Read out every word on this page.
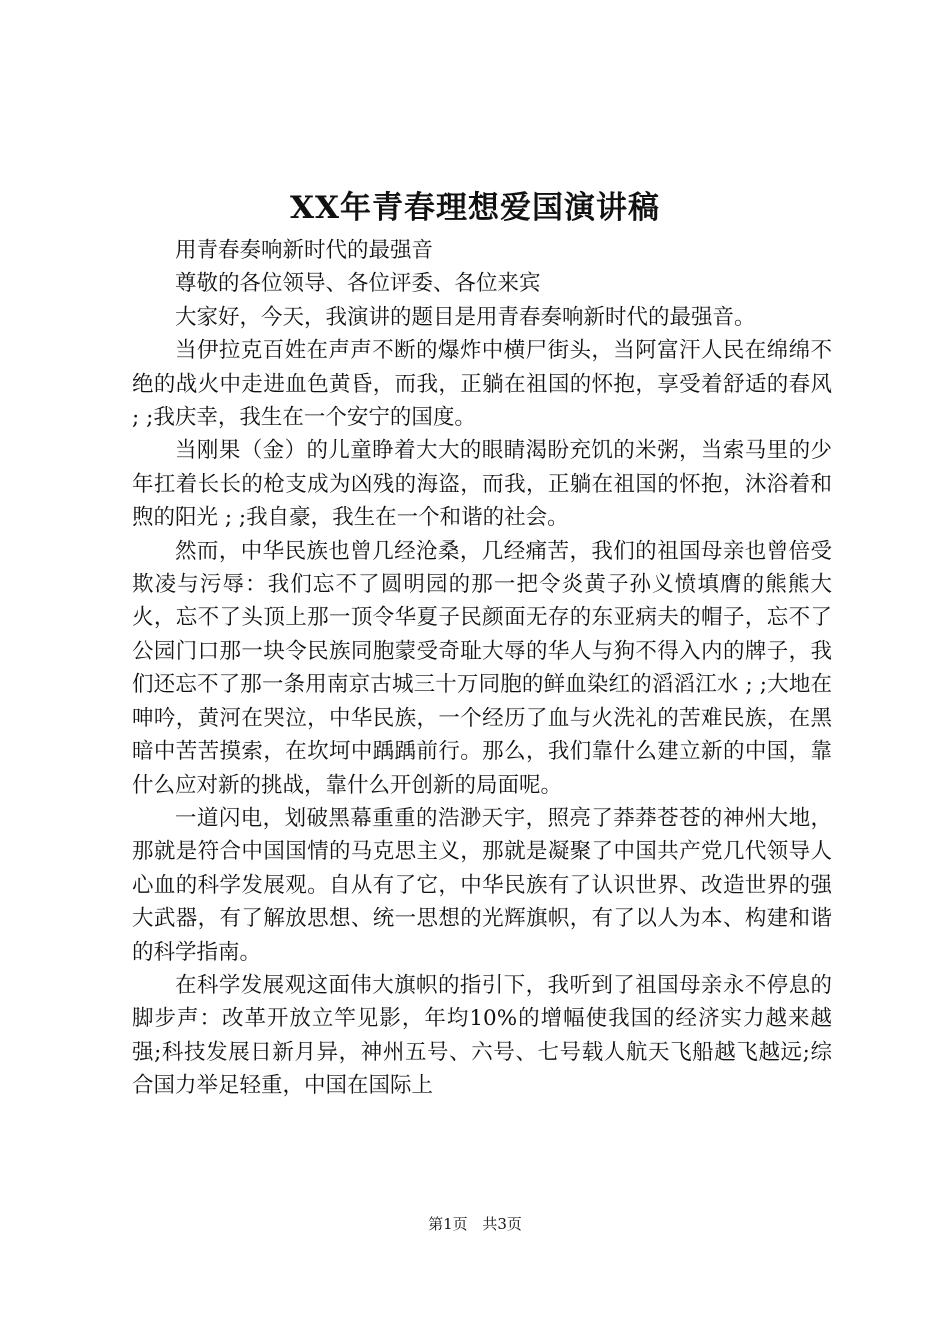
XX年青春理想爱国演讲稿

用青春奏响新时代的最强音

尊敬的各位领导、各位评委、各位来宾

大家好，今天，我演讲的题目是用青春奏响新时代的最强音。

当伊拉克百姓在声声不断的爆炸中横尸街头，当阿富汗人民在绵绵不绝的战火中走进血色黄昏，而我，正躺在祖国的怀抱，享受着舒适的春风 ; ;我庆幸，我生在一个安宁的国度。

当刚果（金）的儿童睁着大大的眼睛渴盼充饥的米粥，当索马里的少年扛着长长的枪支成为凶残的海盗，而我，正躺在祖国的怀抱，沐浴着和煦的阳光 ; ;我自豪，我生在一个和谐的社会。

然而，中华民族也曾几经沧桑，几经痛苦，我们的祖国母亲也曾倍受欺凌与污辱：我们忘不了圆明园的那一把令炎黄子孙义愤填膺的熊熊大火，忘不了头顶上那一顶令华夏子民颜面无存的东亚病夫的帽子，忘不了公园门口那一块令民族同胞蒙受奇耻大辱的华人与狗不得入内的牌子，我们还忘不了那一条用南京古城三十万同胞的鲜血染红的滔滔江水 ; ;大地在呻吟，黄河在哭泣，中华民族，一个经历了血与火洗礼的苦难民族，在黑暗中苦苦摸索，在坎坷中踽踽前行。那么，我们靠什么建立新的中国，靠什么应对新的挑战，靠什么开创新的局面呢。

一道闪电，划破黑幕重重的浩渺天宇，照亮了莽莽苍苍的神州大地，那就是符合中国国情的马克思主义，那就是凝聚了中国共产党几代领导人心血的科学发展观。自从有了它，中华民族有了认识世界、改造世界的强大武器，有了解放思想、统一思想的光辉旗帜，有了以人为本、构建和谐的科学指南。

在科学发展观这面伟大旗帜的指引下，我听到了祖国母亲永不停息的脚步声：改革开放立竿见影，年均10%的增幅使我国的经济实力越来越强;科技发展日新月异，神州五号、六号、七号载人航天飞船越飞越远;综合国力举足轻重，中国在国际上

第1页 共3页
